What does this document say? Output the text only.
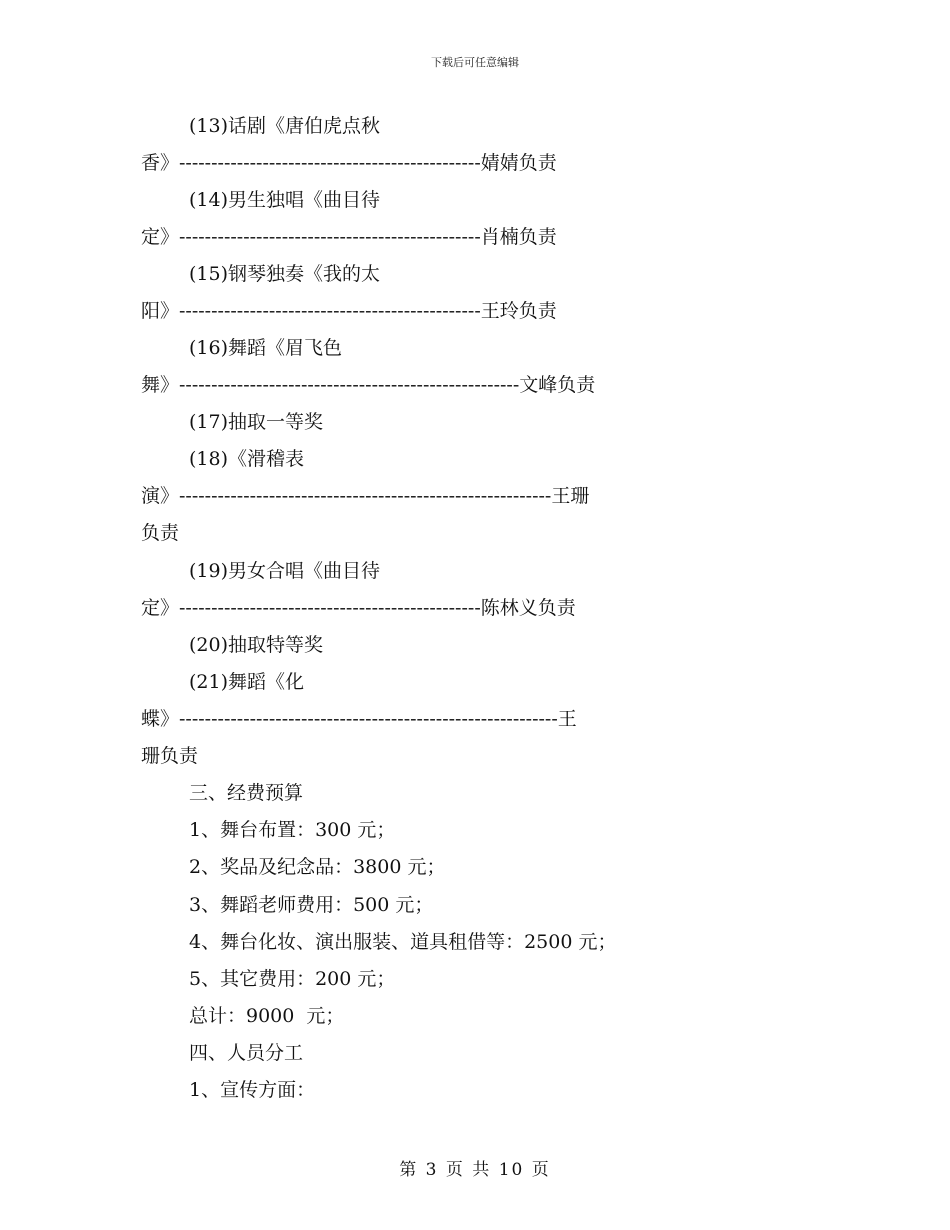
下载后可任意编辑
(13)话剧《唐伯虎点秋
香》-----------------------------------------------婧婧负责
(14)男生独唱《曲目待
定》-----------------------------------------------肖楠负责
(15)钢琴独奏《我的太
阳》-----------------------------------------------王玲负责
(16)舞蹈《眉飞色
舞》-----------------------------------------------------文峰负责
(17)抽取一等奖
(18)《滑稽表
演》----------------------------------------------------------王珊
负责
(19)男女合唱《曲目待
定》-----------------------------------------------陈林义负责
(20)抽取特等奖
(21)舞蹈《化
蝶》-----------------------------------------------------------王
珊负责
三、经费预算
1、舞台布置：300 元；
2、奖品及纪念品：3800 元；
3、舞蹈老师费用：500 元；
4、舞台化妆、演出服装、道具租借等：2500 元；
5、其它费用：200 元；
总计：9000  元；
四、人员分工
1、宣传方面：
第 3 页 共 10 页
